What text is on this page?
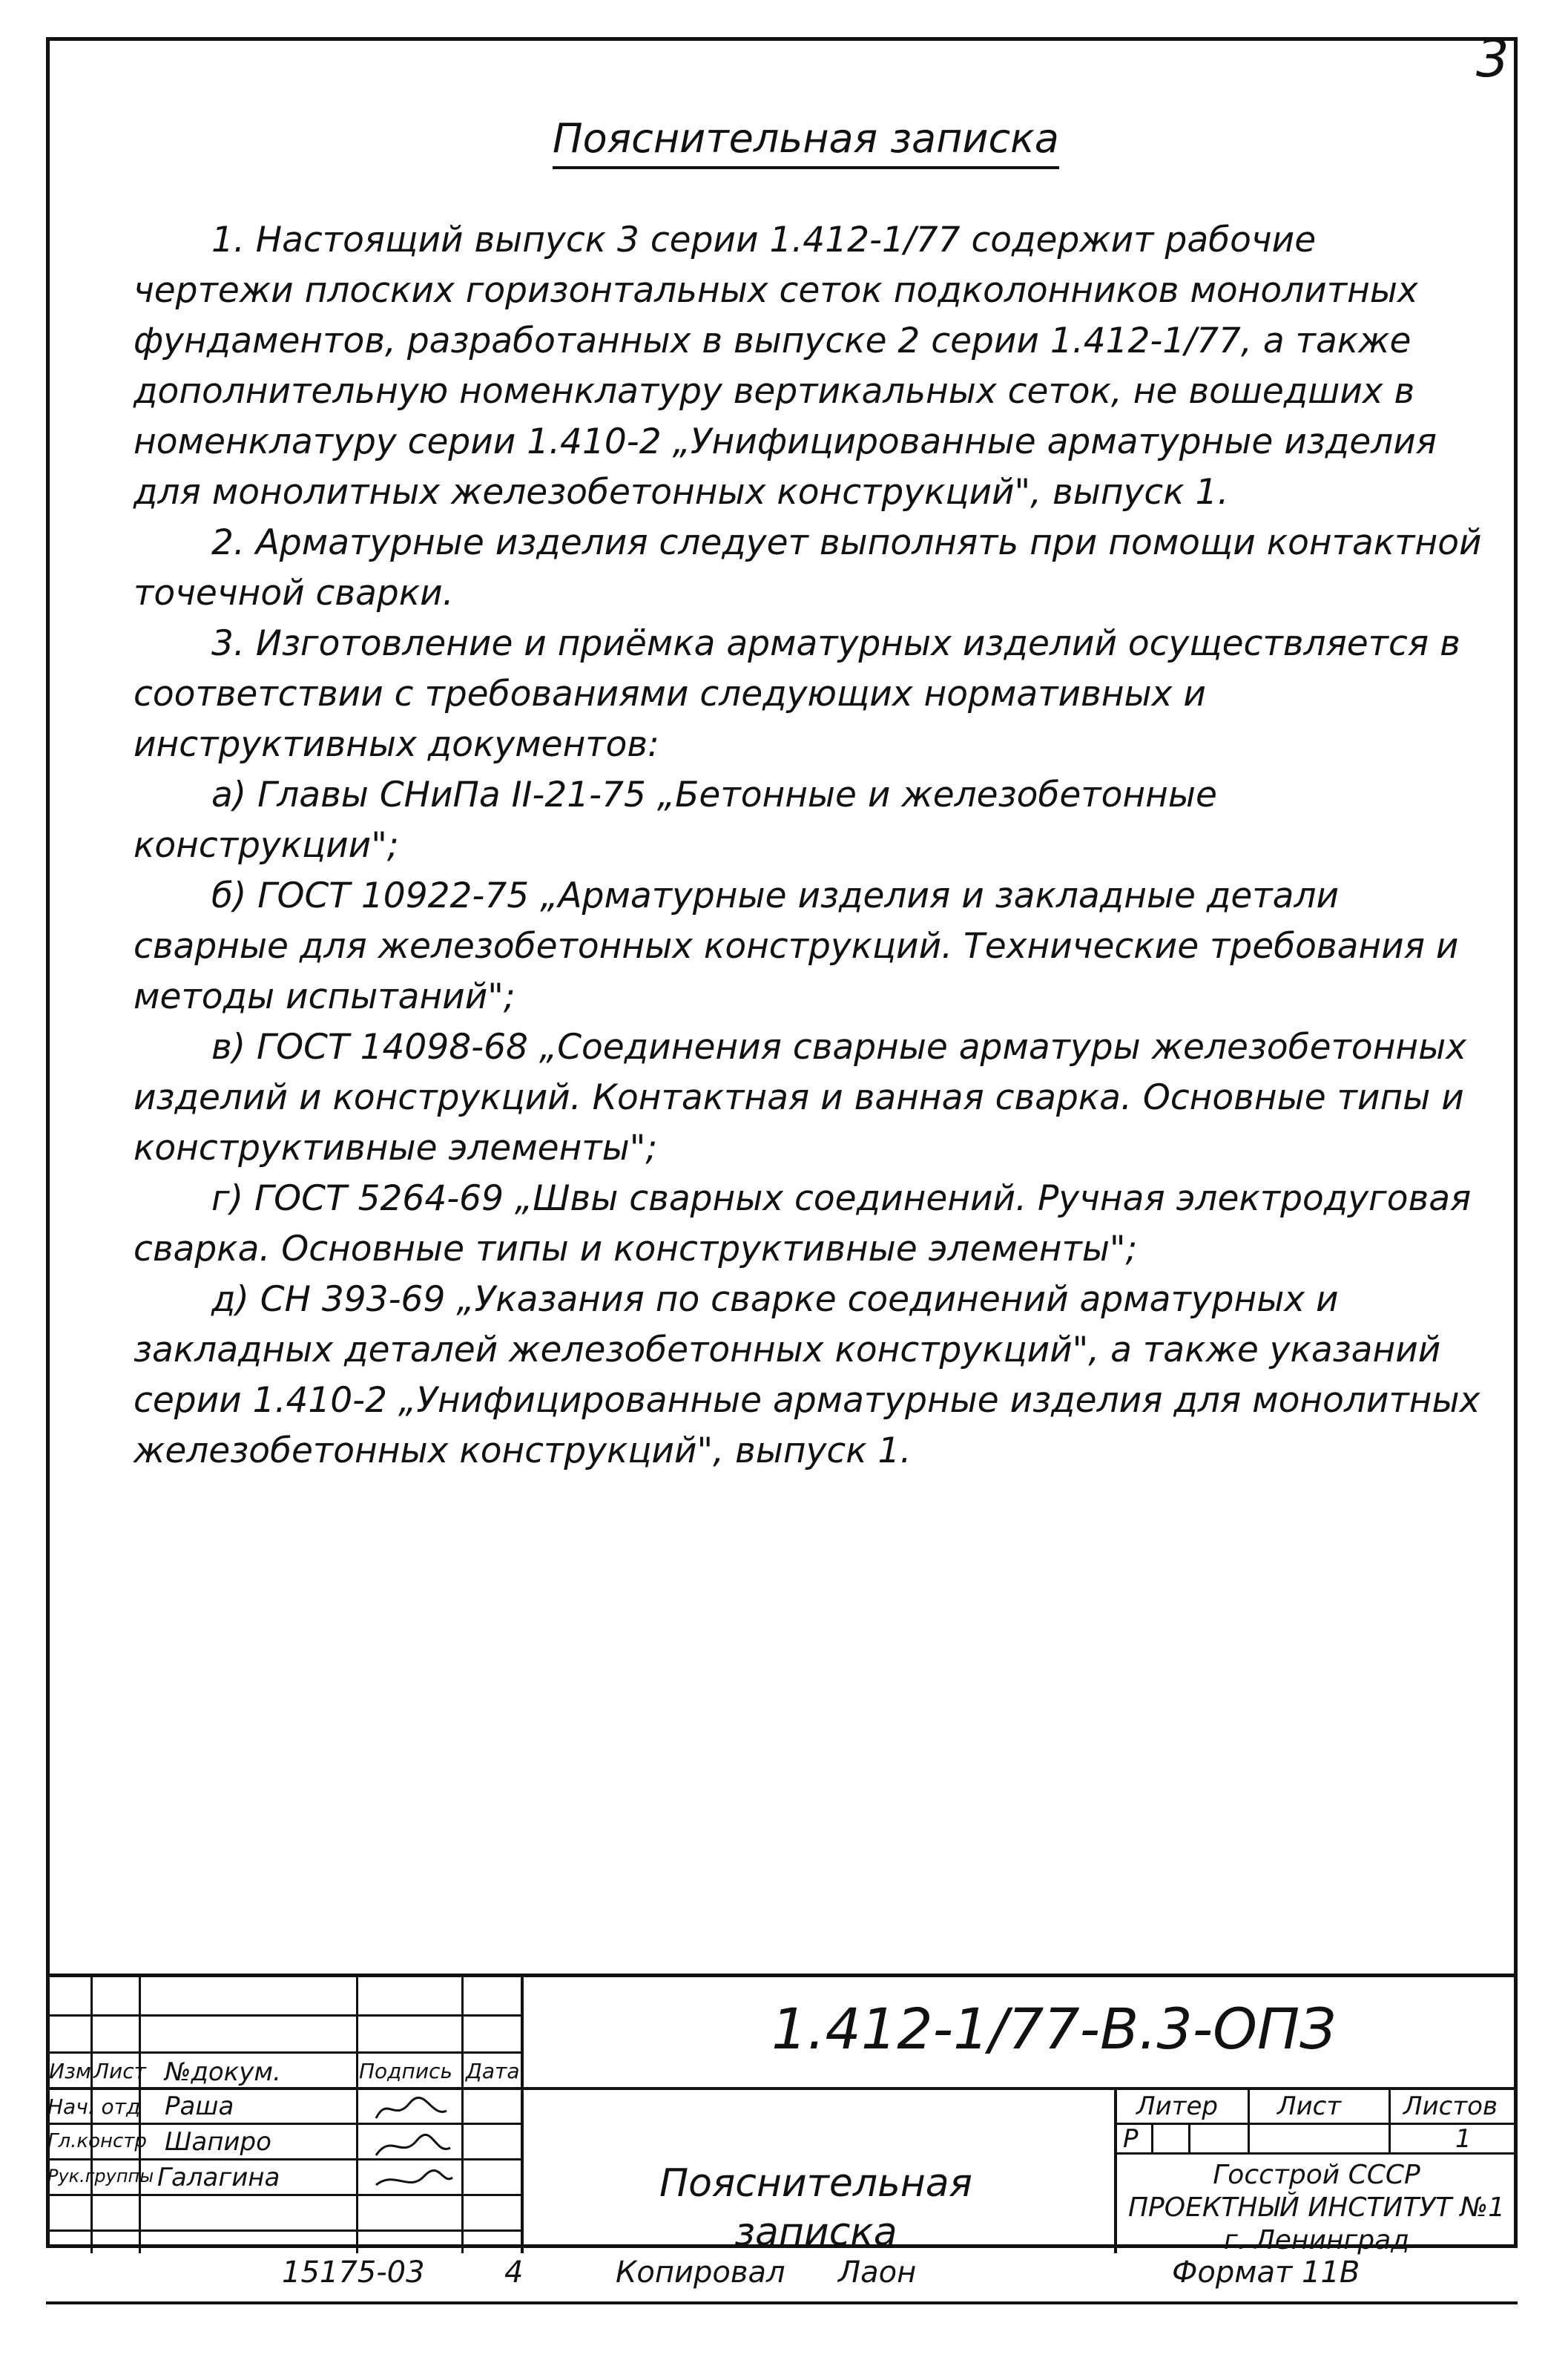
3
Пояснительная записка

1. Настоящий выпуск 3 серии 1.412-1/77 содержит рабочие чертежи плоских горизонтальных сеток подколонников монолитных фундаментов, разработанных в выпуске 2 серии 1.412-1/77, а также дополнительную номенклатуру вертикальных сеток, не вошедших в номенклатуру серии 1.410-2 „Унифицированные арматурные изделия для монолитных железобетонных конструкций", выпуск 1.

2. Арматурные изделия следует выполнять при помощи контактной точечной сварки.

3. Изготовление и приёмка арматурных изделий осуществляется в соответствии с требованиями следующих нормативных и инструктивных документов:

а) Главы СНиПа II-21-75 „Бетонные и железобетонные конструкции";

б) ГОСТ 10922-75 „Арматурные изделия и закладные детали сварные для железобетонных конструкций. Технические требования и методы испытаний";

в) ГОСТ 14098-68 „Соединения сварные арматуры железобетонных изделий и конструкций. Контактная и ванная сварка. Основные типы и конструктивные элементы";

г) ГОСТ 5264-69 „Швы сварных соединений. Ручная электродуговая сварка. Основные типы и конструктивные элементы";

д) СН 393-69 „Указания по сварке соединений арматурных и закладных деталей железобетонных конструкций", а также указаний серии 1.410-2 „Унифицированные арматурные изделия для монолитных железобетонных конструкций", выпуск 1.

Изм Лист №докум.	Подпись Дата
Нач. отд Раша
Гл.констр Шапиро
Рук.группы Галагина
Литер Лист Листов
Р	1
1.412-1/77-В.3-ОПЗ
Пояснительная записка
Госстрой СССР
ПРОЕКТНЫЙ ИНСТИТУТ №1
г. Ленинград
15175-03	4	Копировал Лаон	Формат 11В
